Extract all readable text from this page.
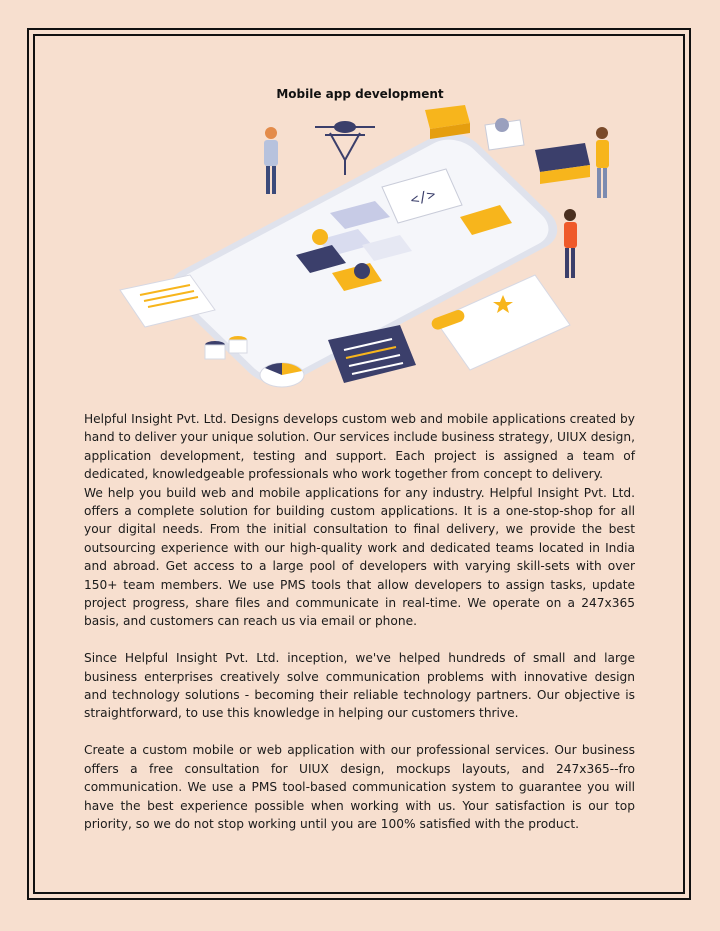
Mobile app development
</>

Helpful Insight Pvt. Ltd. Designs develops custom web and mobile applications created by hand to deliver your unique solution. Our services include business strategy, UIUX design, application development, testing and support. Each project is assigned a team of dedicated, knowledgeable professionals who work together from concept to delivery.

We help you build web and mobile applications for any industry. Helpful Insight Pvt. Ltd. offers a complete solution for building custom applications. It is a one-stop-shop for all your digital needs. From the initial consultation to final delivery, we provide the best outsourcing experience with our high-quality work and dedicated teams located in India and abroad. Get access to a large pool of developers with varying skill-sets with over 150+ team members. We use PMS tools that allow developers to assign tasks, update project progress, share files and communicate in real-time. We operate on a 247x365 basis, and customers can reach us via email or phone.

Since Helpful Insight Pvt. Ltd. inception, we've helped hundreds of small and large business enterprises creatively solve communication problems with innovative design and technology solutions - becoming their reliable technology partners. Our objective is straightforward, to use this knowledge in helping our customers thrive.

Create a custom mobile or web application with our professional services. Our business offers a free consultation for UIUX design, mockups layouts, and 247x365--fro communication. We use a PMS tool-based communication system to guarantee you will have the best experience possible when working with us. Your satisfaction is our top priority, so we do not stop working until you are 100% satisfied with the product.
